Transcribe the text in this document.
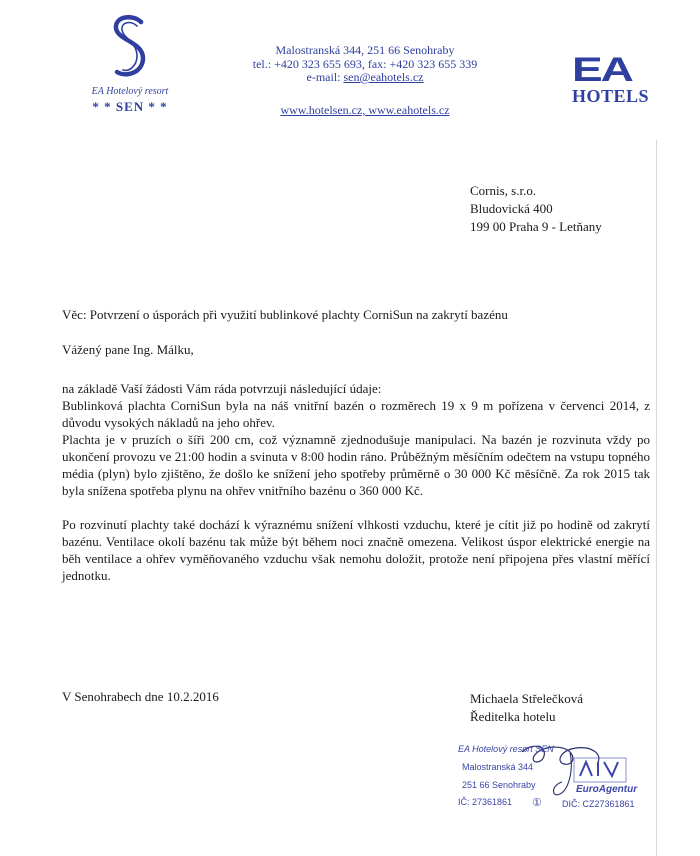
EA Hotelový resort
* * SEN * *
Malostranská 344, 251 66 Senohraby
tel.: +420 323 655 693, fax: +420 323 655 339
e-mail: sen@eahotels.cz
www.hotelsen.cz, www.eahotels.cz
EA
HOTELS
Cornis, s.r.o.
Bludovická 400
199 00 Praha 9 - Letňany
Věc: Potvrzení o úsporách při využití bublinkové plachty CorniSun na zakrytí bazénu
Vážený pane Ing. Málku,

na základě Vaší žádosti Vám ráda potvrzuji následující údaje:

Bublinková plachta CorniSun byla na náš vnitřní bazén o rozměrech 19 x 9 m pořízena v červenci 2014, z důvodu vysokých nákladů na jeho ohřev.

Plachta je v pruzích o šíři 200 cm, což významně zjednodušuje manipulaci. Na bazén je rozvinuta vždy po ukončení provozu ve 21:00 hodin a svinuta v 8:00 hodin ráno. Průběžným měsíčním odečtem na vstupu topného média (plyn) bylo zjištěno, že došlo ke snížení jeho spotřeby průměrně o 30 000 Kč měsíčně. Za rok 2015 tak byla snížena spotřeba plynu na ohřev vnitřního bazénu o 360 000 Kč.

Po rozvinutí plachty také dochází k výraznému snížení vlhkosti vzduchu, které je cítit již po hodině od zakrytí bazénu. Ventilace okolí bazénu tak může být během noci značně omezena. Velikost úspor elektrické energie na běh ventilace a ohřev vyměňovaného vzduchu však nemohu doložit, protože není připojena přes vlastní měřící jednotku.

V Senohrabech dne 10.2.2016	Michaela Střelečková
Ředitelka hotelu
EA Hotelový resort SEN
Malostranská 344
251 66 Senohraby	EuroAgentur
IČ: 27361861 ① DIČ: CZ27361861
